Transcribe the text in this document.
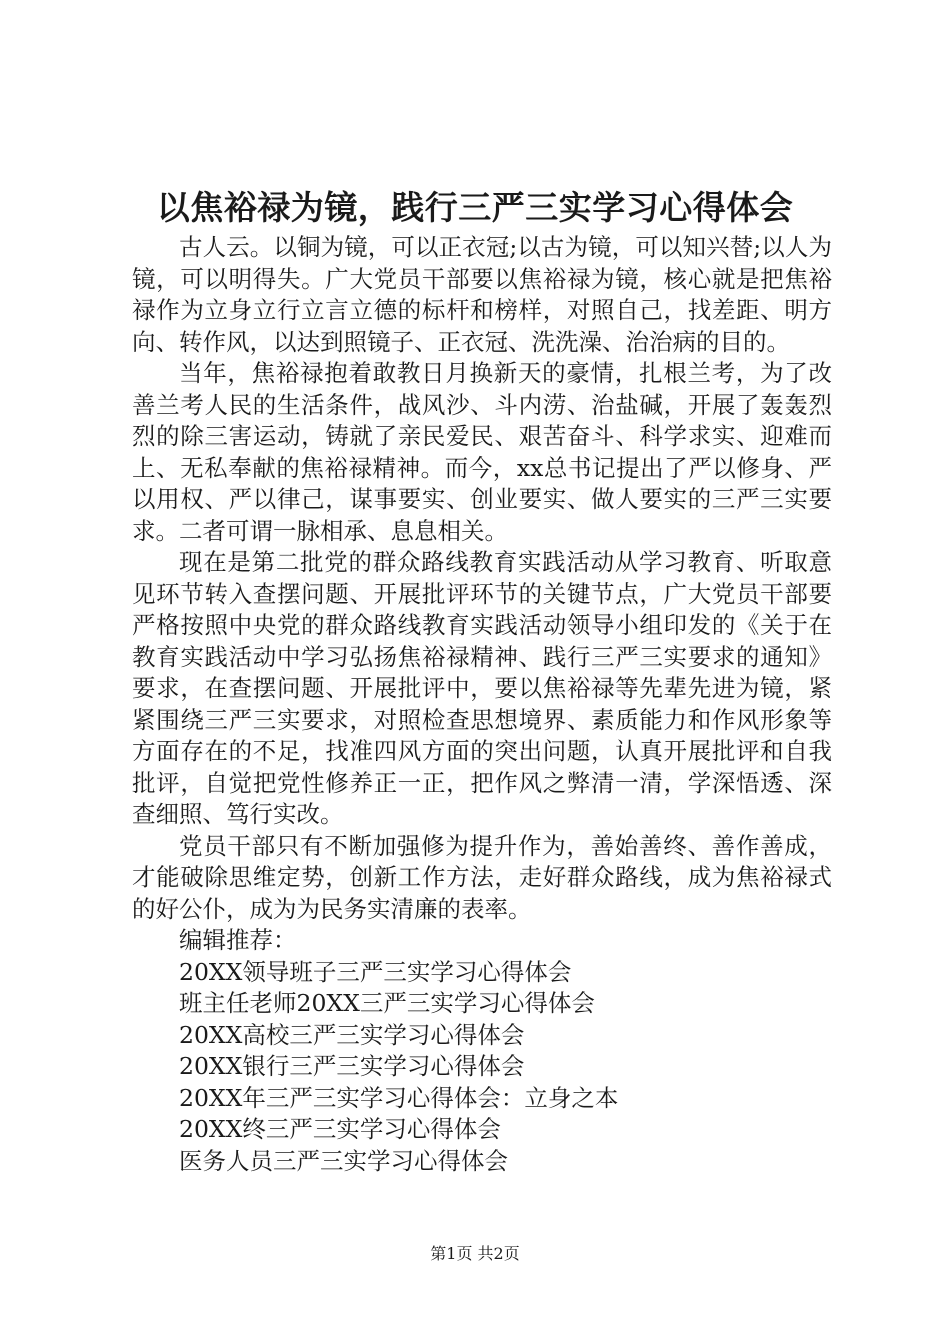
以焦裕禄为镜，践行三严三实学习心得体会

古人云。以铜为镜，可以正衣冠;以古为镜，可以知兴替;以人为镜，可以明得失。广大党员干部要以焦裕禄为镜，核心就是把焦裕禄作为立身立行立言立德的标杆和榜样，对照自己，找差距、明方向、转作风，以达到照镜子、正衣冠、洗洗澡、治治病的目的。

当年，焦裕禄抱着敢教日月换新天的豪情，扎根兰考，为了改善兰考人民的生活条件，战风沙、斗内涝、治盐碱，开展了轰轰烈烈的除三害运动，铸就了亲民爱民、艰苦奋斗、科学求实、迎难而上、无私奉献的焦裕禄精神。而今，xx总书记提出了严以修身、严以用权、严以律己，谋事要实、创业要实、做人要实的三严三实要求。二者可谓一脉相承、息息相关。

现在是第二批党的群众路线教育实践活动从学习教育、听取意见环节转入查摆问题、开展批评环节的关键节点，广大党员干部要严格按照中央党的群众路线教育实践活动领导小组印发的《关于在教育实践活动中学习弘扬焦裕禄精神、践行三严三实要求的通知》要求，在查摆问题、开展批评中，要以焦裕禄等先辈先进为镜，紧紧围绕三严三实要求，对照检查思想境界、素质能力和作风形象等方面存在的不足，找准四风方面的突出问题，认真开展批评和自我批评，自觉把党性修养正一正，把作风之弊清一清，学深悟透、深查细照、笃行实改。

党员干部只有不断加强修为提升作为，善始善终、善作善成，才能破除思维定势，创新工作方法，走好群众路线，成为焦裕禄式的好公仆，成为为民务实清廉的表率。

编辑推荐：

20XX领导班子三严三实学习心得体会

班主任老师20XX三严三实学习心得体会

20XX高校三严三实学习心得体会

20XX银行三严三实学习心得体会

20XX年三严三实学习心得体会：立身之本

20XX终三严三实学习心得体会

医务人员三严三实学习心得体会

第1页 共2页
